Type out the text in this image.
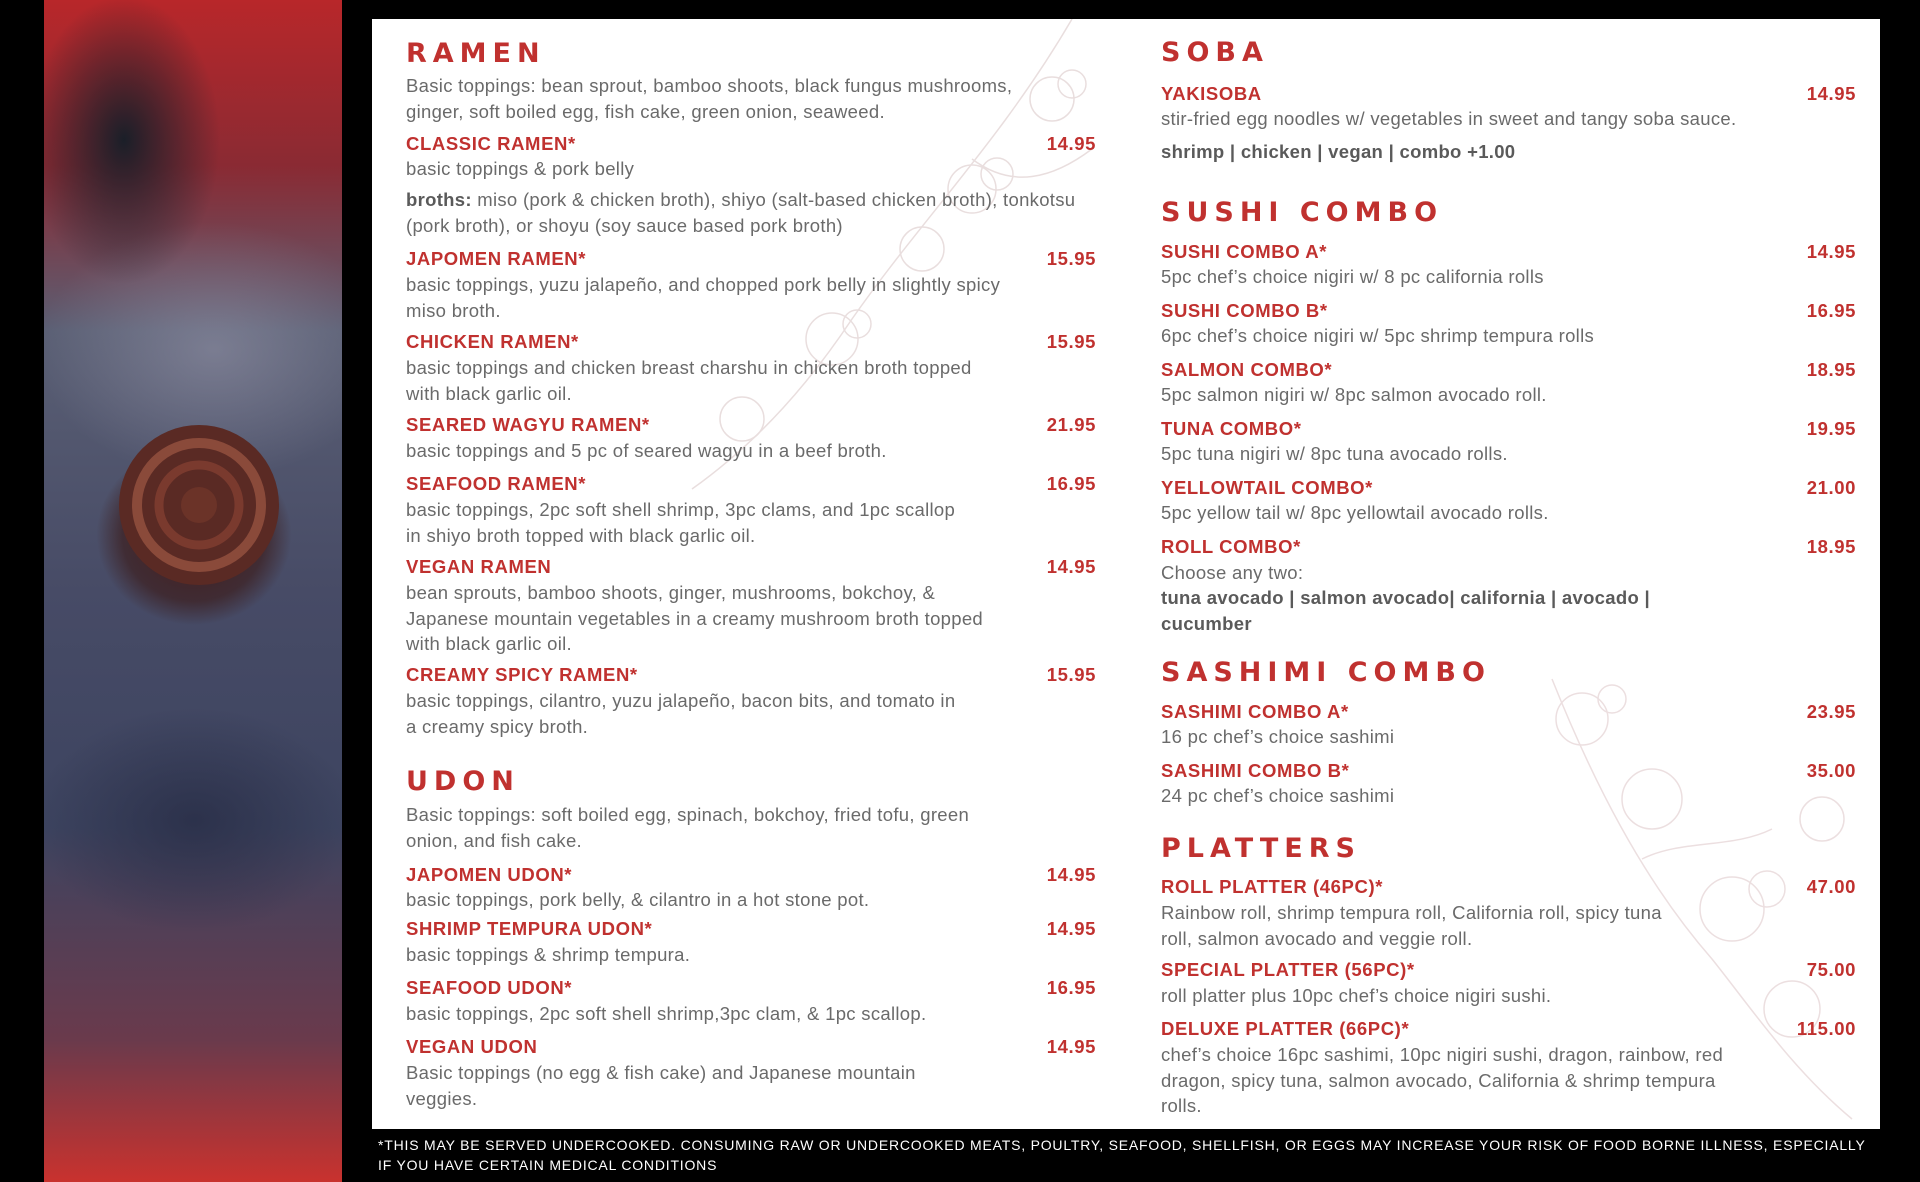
RAMEN

Basic toppings: bean sprout, bamboo shoots, black fungus mushrooms, ginger, soft boiled egg, fish cake, green onion, seaweed.

CLASSIC RAMEN*	14.95

basic toppings & pork belly

broths: miso (pork & chicken broth), shiyo (salt-based chicken broth), tonkotsu (pork broth), or shoyu (soy sauce based pork broth)

JAPOMEN RAMEN*	15.95

basic toppings, yuzu jalapeño, and chopped pork belly in slightly spicy miso broth.

CHICKEN RAMEN*	15.95

basic toppings and chicken breast charshu in chicken broth topped with black garlic oil.

SEARED WAGYU RAMEN*	21.95

basic toppings and 5 pc of seared wagyu in a beef broth.

SEAFOOD RAMEN*	16.95

basic toppings, 2pc soft shell shrimp, 3pc clams, and 1pc scallop in shiyo broth topped with black garlic oil.

VEGAN RAMEN	14.95

bean sprouts, bamboo shoots, ginger, mushrooms, bokchoy, & Japanese mountain vegetables in a creamy mushroom broth topped with black garlic oil.

CREAMY SPICY RAMEN*	15.95

basic toppings, cilantro, yuzu jalapeño, bacon bits, and tomato in a creamy spicy broth.

UDON

Basic toppings: soft boiled egg, spinach, bokchoy, fried tofu, green onion, and fish cake.

JAPOMEN UDON*	14.95

basic toppings, pork belly, & cilantro in a hot stone pot.

SHRIMP TEMPURA UDON*	14.95

basic toppings & shrimp tempura.

SEAFOOD UDON*	16.95

basic toppings, 2pc soft shell shrimp,3pc clam, & 1pc scallop.

VEGAN UDON	14.95

Basic toppings (no egg & fish cake) and Japanese mountain veggies.

SOBA

YAKISOBA	14.95

stir-fried egg noodles w/ vegetables in sweet and tangy soba sauce.

shrimp | chicken | vegan | combo +1.00

SUSHI COMBO

SUSHI COMBO A*	14.95

5pc chef’s choice nigiri w/ 8 pc california rolls

SUSHI COMBO B*	16.95

6pc chef’s choice nigiri w/ 5pc shrimp tempura rolls

SALMON COMBO*	18.95

5pc salmon nigiri w/ 8pc salmon avocado roll.

TUNA COMBO*	19.95

5pc tuna nigiri w/ 8pc tuna avocado rolls.

YELLOWTAIL COMBO*	21.00

5pc yellow tail w/ 8pc yellowtail avocado rolls.

ROLL COMBO*	18.95

Choose any two:

tuna avocado | salmon avocado| california | avocado | cucumber

SASHIMI COMBO

SASHIMI COMBO A*	23.95

16 pc chef’s choice sashimi

SASHIMI COMBO B*	35.00

24 pc chef’s choice sashimi

PLATTERS

ROLL PLATTER (46PC)*	47.00

Rainbow roll, shrimp tempura roll, California roll, spicy tuna roll, salmon avocado and veggie roll.

SPECIAL PLATTER (56PC)*	75.00

roll platter plus 10pc chef’s choice nigiri sushi.

DELUXE PLATTER (66PC)*	115.00

chef’s choice 16pc sashimi, 10pc nigiri sushi, dragon, rainbow, red dragon, spicy tuna, salmon avocado, California & shrimp tempura rolls.

*THIS MAY BE SERVED UNDERCOOKED. CONSUMING RAW OR UNDERCOOKED MEATS, POULTRY, SEAFOOD, SHELLFISH, OR EGGS MAY INCREASE YOUR RISK OF FOOD BORNE ILLNESS, ESPECIALLY IF YOU HAVE CERTAIN MEDICAL CONDITIONS
